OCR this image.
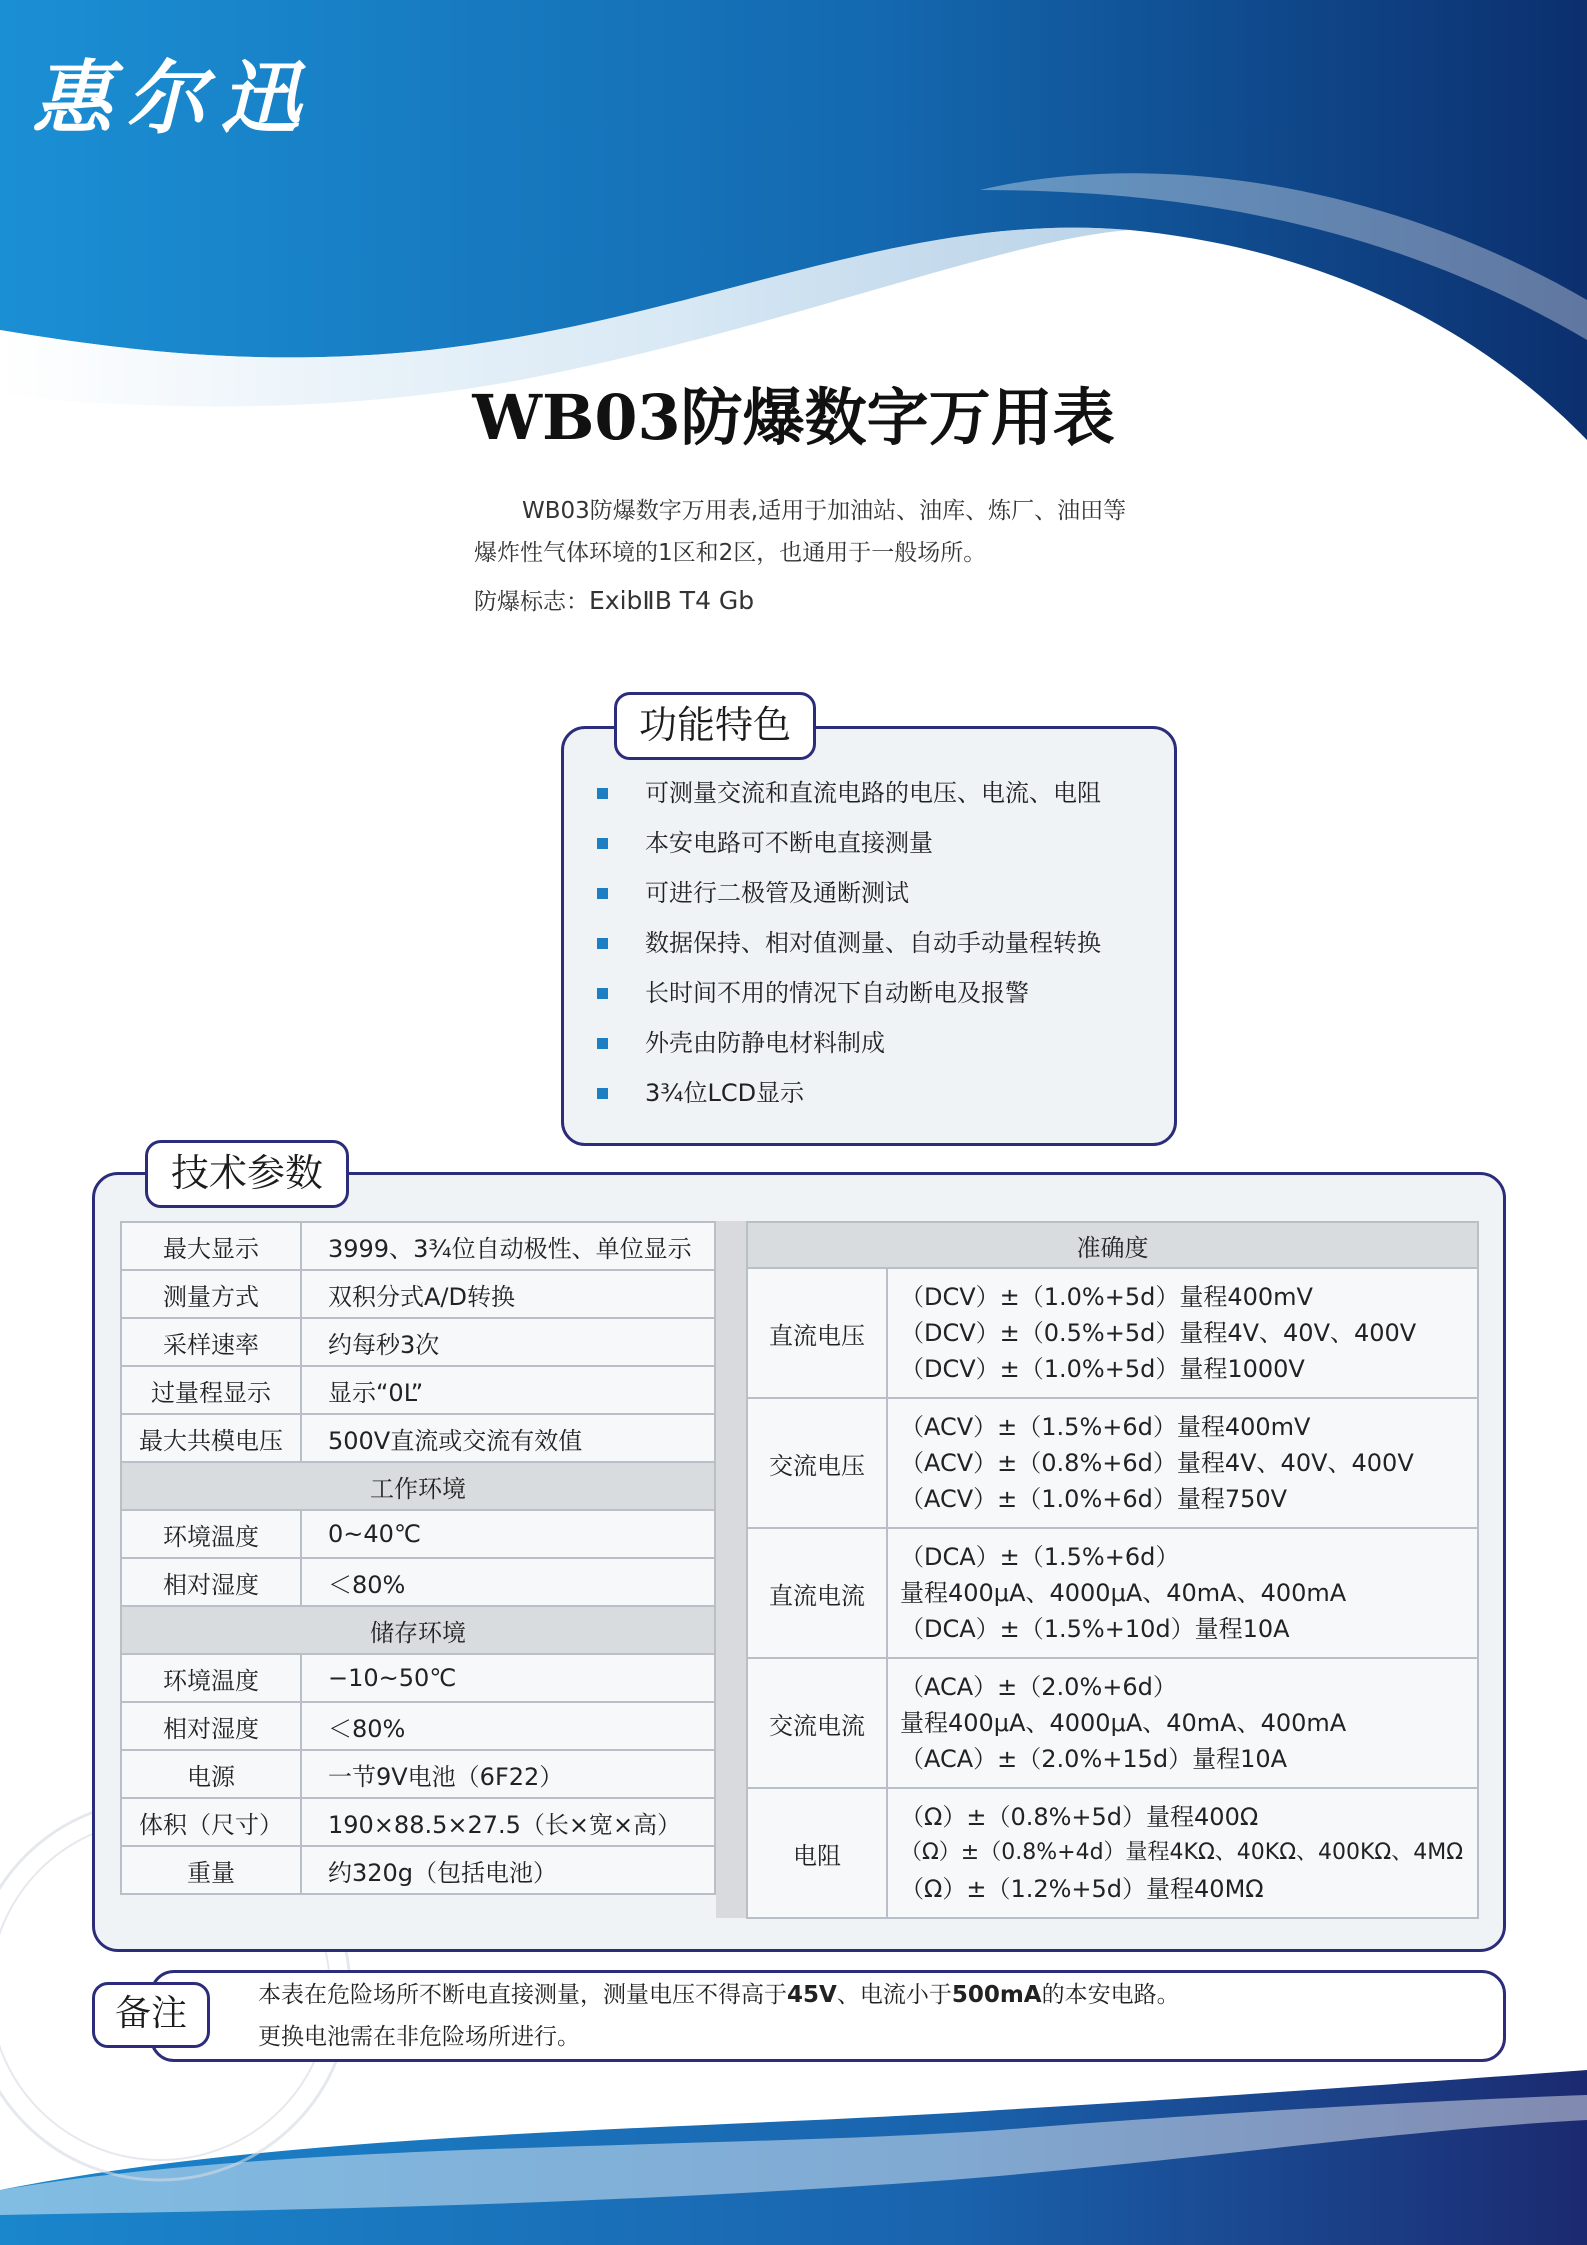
惠尔迅
WB03防爆数字万用表

WB03防爆数字万用表,适用于加油站、油库、炼厂、油田等

爆炸性气体环境的1区和2区，也通用于一般场所。

防爆标志：ExibⅡB T4 Gb

功能特色
可测量交流和直流电路的电压、电流、电阻
本安电路可不断电直接测量
可进行二极管及通断测试
数据保持、相对值测量、自动手动量程转换
长时间不用的情况下自动断电及报警
外壳由防静电材料制成
3¾位LCD显示
技术参数
最大显示	3999、3¾位自动极性、单位显示
测量方式	双积分式A/D转换
采样速率	约每秒3次
过量程显示	显示“0L”
最大共模电压	500V直流或交流有效值
工作环境	
环境温度	0~40℃
相对湿度	＜80%
储存环境	
环境温度	−10~50℃
相对湿度	＜80%
电源	一节9V电池（6F22）
体积（尺寸）	190×88.5×27.5（长×宽×高）
重量	约320g（包括电池）
准确度	
直流电压	（DCV）±（1.0%+5d）量程400mV
（DCV）±（0.5%+5d）量程4V、40V、400V
（DCV）±（1.0%+5d）量程1000V

交流电压	（ACV）±（1.5%+6d）量程400mV
（ACV）±（0.8%+6d）量程4V、40V、400V
（ACV）±（1.0%+6d）量程750V

直流电流	（DCA）±（1.5%+6d）
量程400μA、4000μA、40mA、400mA
（DCA）±（1.5%+10d）量程10A

交流电流	（ACA）±（2.0%+6d）
量程400μA、4000μA、40mA、400mA
（ACA）±（2.0%+15d）量程10A

电阻	（Ω）±（0.8%+5d）量程400Ω
（Ω）±（0.8%+4d）量程4KΩ、40KΩ、400KΩ、4MΩ
（Ω）±（1.2%+5d）量程40MΩ
备注	本表在危险场所不断电直接测量，测量电压不得高于45V、电流小于500mA的本安电路。

更换电池需在非危险场所进行。
